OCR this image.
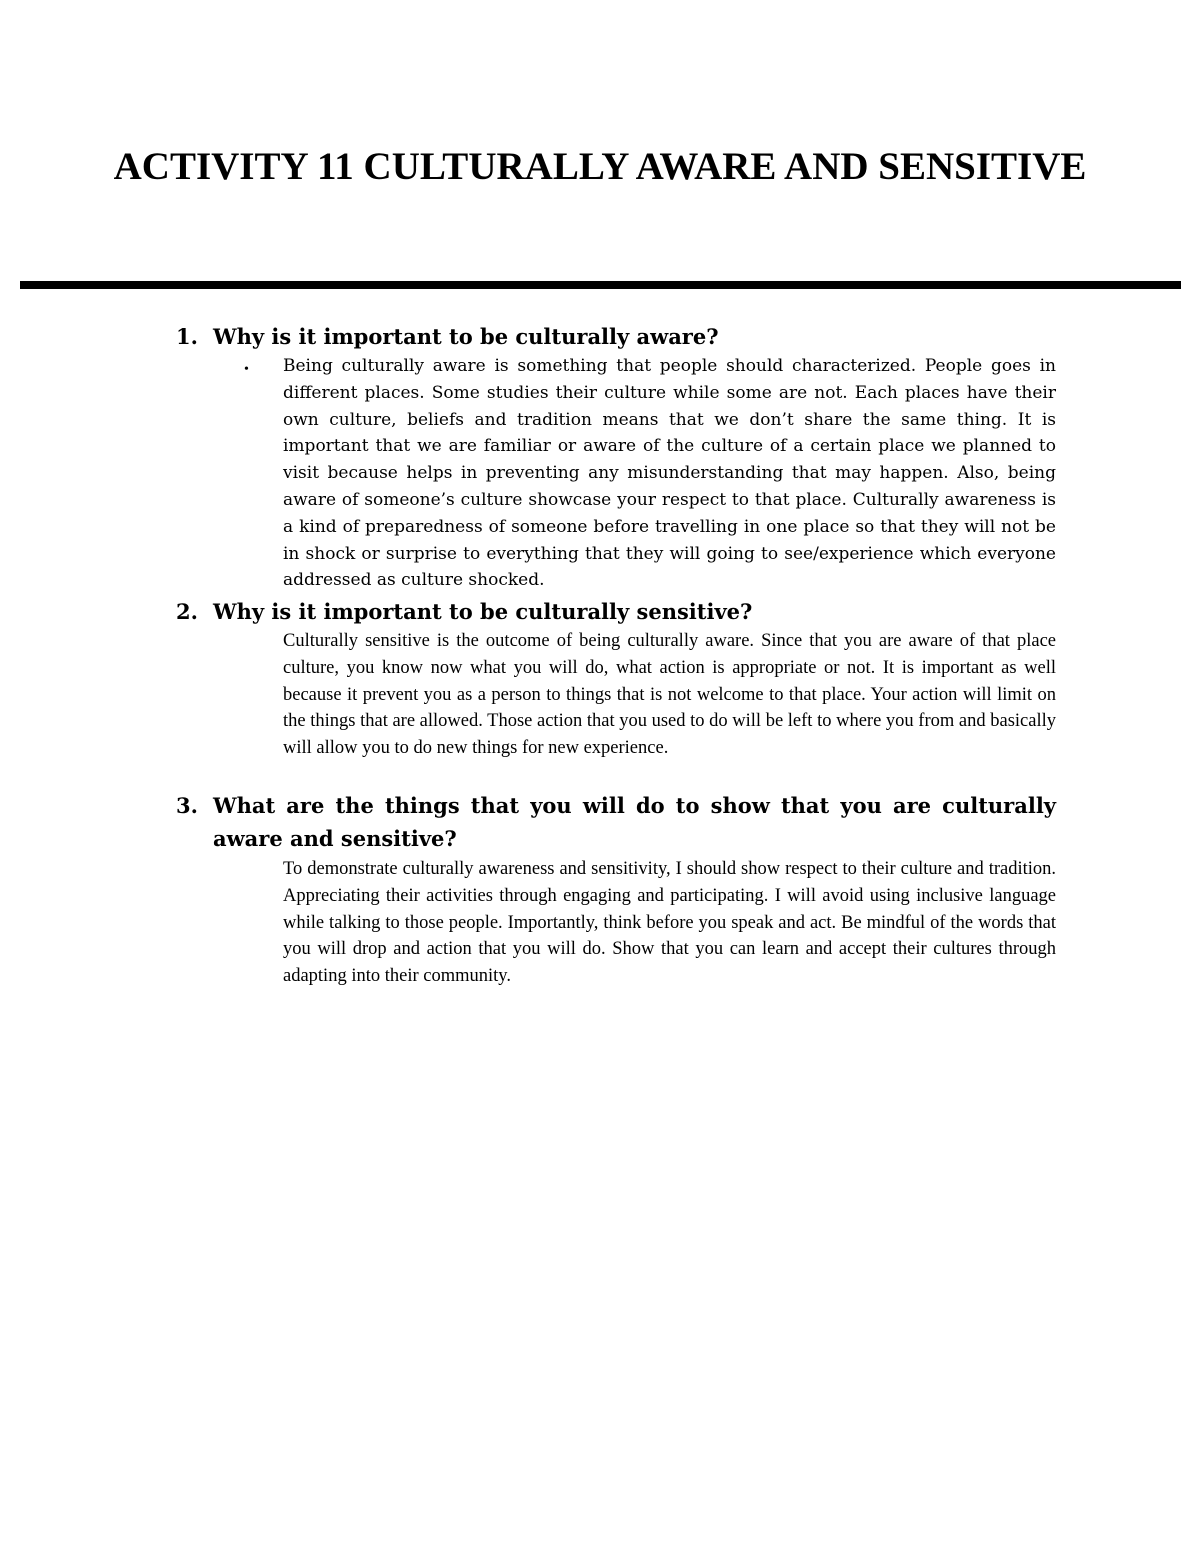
ACTIVITY 11 CULTURALLY AWARE AND SENSITIVE
1. Why is it important to be culturally aware?
• Being culturally aware is something that people should characterized. People goes in different places. Some studies their culture while some are not. Each places have their own culture, beliefs and tradition means that we don’t share the same thing. It is important that we are familiar or aware of the culture of a certain place we planned to visit because helps in preventing any misunderstanding that may happen. Also, being aware of someone’s culture showcase your respect to that place. Culturally awareness is a kind of preparedness of someone before travelling in one place so that they will not be in shock or surprise to everything that they will going to see/experience which everyone addressed as culture shocked.

2. Why is it important to be culturally sensitive?

Culturally sensitive is the outcome of being culturally aware. Since that you are aware of that place culture, you know now what you will do, what action is appropriate or not. It is important as well because it prevent you as a person to things that is not welcome to that place. Your action will limit on the things that are allowed. Those action that you used to do will be left to where you from and basically will allow you to do new things for new experience.

3. What are the things that you will do to show that you are culturally aware and sensitive?

To demonstrate culturally awareness and sensitivity, I should show respect to their culture and tradition. Appreciating their activities through engaging and participating. I will avoid using inclusive language while talking to those people. Importantly, think before you speak and act. Be mindful of the words that you will drop and action that you will do. Show that you can learn and accept their cultures through adapting into their community.
